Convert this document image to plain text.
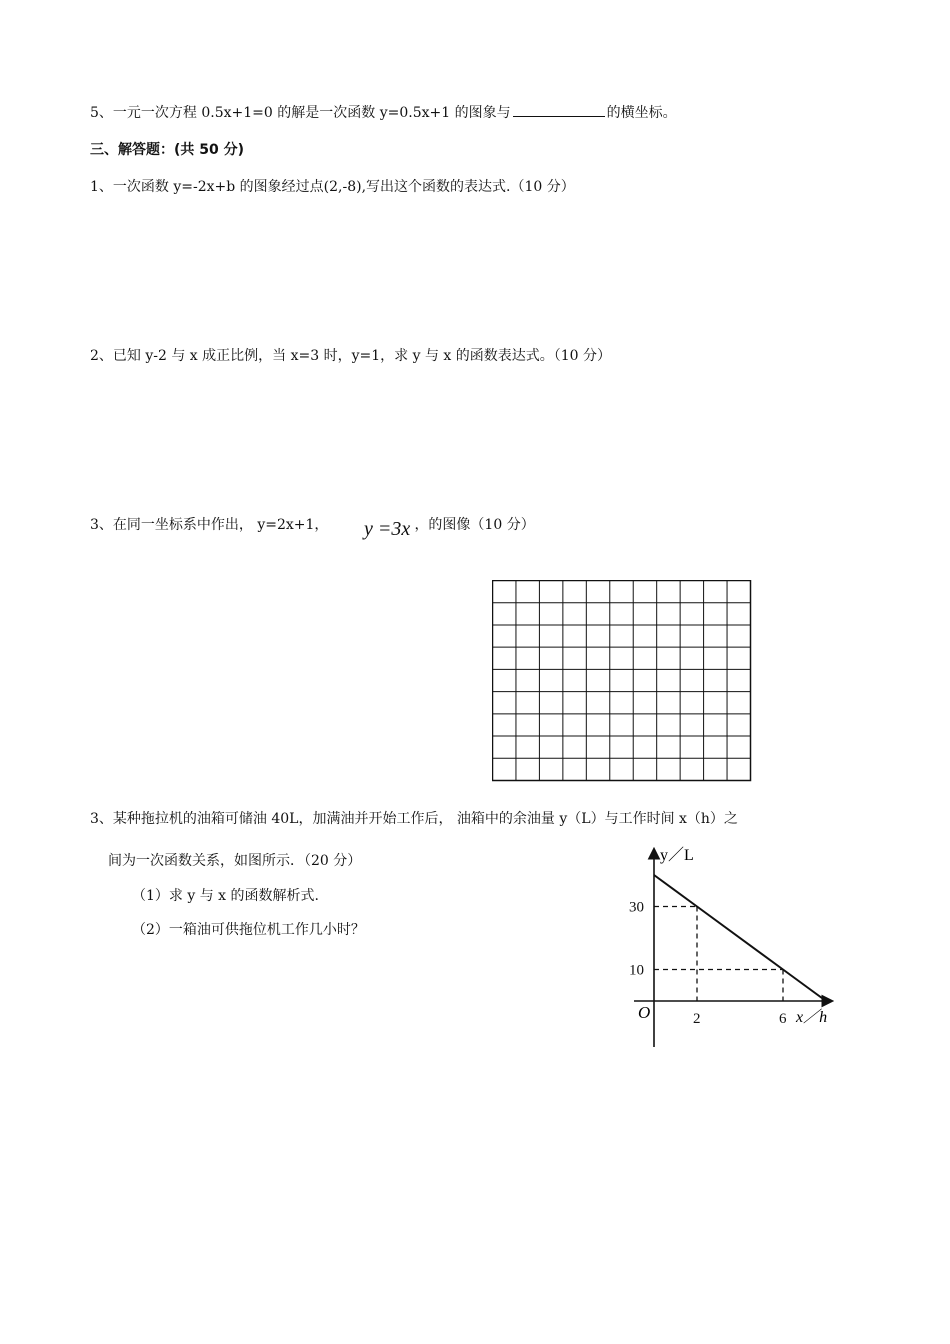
5、一元一次方程 0.5x+1=0 的解是一次函数 y=0.5x+1 的图象与	的横坐标。
三、解答题：(共 50 分)
1、一次函数 y=-2x+b 的图象经过点(2,-8),写出这个函数的表达式.（10 分）
2、已知 y-2 与 x 成正比例，当 x=3 时，y=1，求 y 与 x 的函数表达式。（10 分）
3、在同一坐标系中作出， y=2x+1，	，的图像（10 分）
y =3x
3、某种拖拉机的油箱可储油 40L，加满油并开始工作后， 油箱中的余油量 y（L）与工作时间 x（h）之
间为一次函数关系，如图所示．（20 分）
（1）求 y 与 x 的函数解析式.
（2）一箱油可供拖位机工作几小时？
2	6
30
10
y／L
x／h
O
